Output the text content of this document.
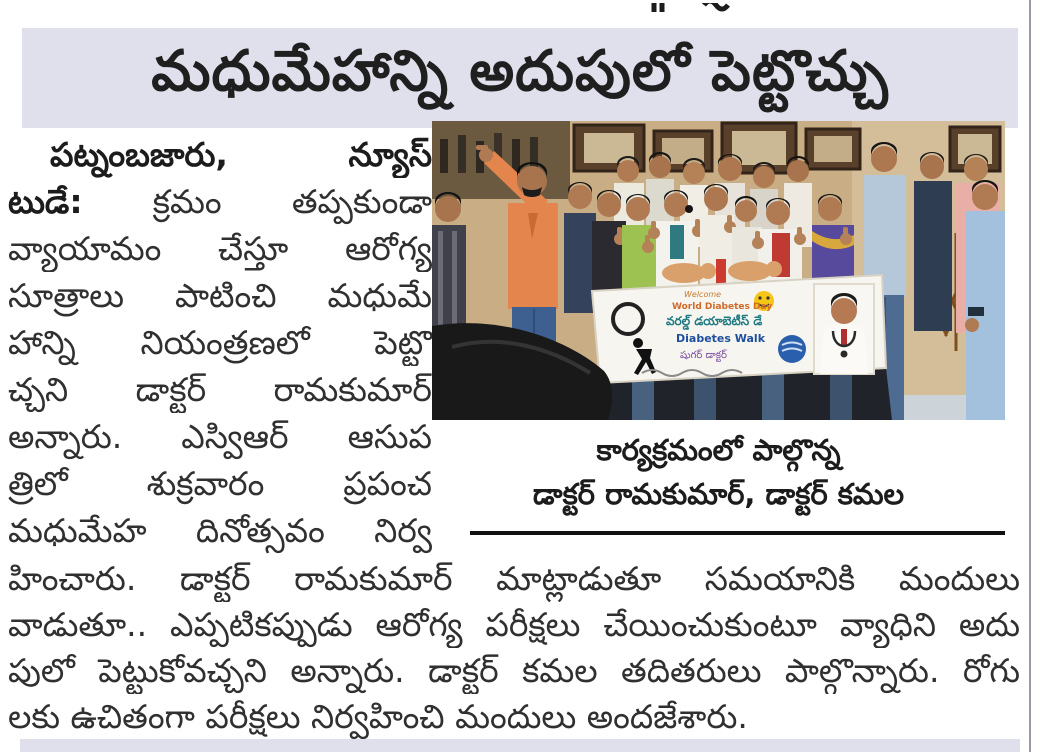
మధుమేహాన్ని అదుపులో పెట్టొచ్చు
పట్నంబజారు, న్యూస్
టుడే: క్రమం తప్పకుండా
వ్యాయామం చేస్తూ ఆరోగ్య
సూత్రాలు పాటించి మధుమే
హాన్ని నియంత్రణలో పెట్టొ
చ్చని డాక్టర్ రామకుమార్
అన్నారు. ఎస్విఆర్ ఆసుప
త్రిలో శుక్రవారం ప్రపంచ
మధుమేహ దినోత్సవం నిర్వ
Welcome
World Diabetes Day
వరల్డ్ డయాబెటీస్ డే
Diabetes Walk
షుగర్ డాక్టర్
కార్యక్రమంలో పాల్గొన్న
డాక్టర్ రామకుమార్, డాక్టర్ కమల
హించారు. డాక్టర్ రామకుమార్ మాట్లాడుతూ సమయానికి మందులు
వాడుతూ.. ఎప్పటికప్పుడు ఆరోగ్య పరీక్షలు చేయించుకుంటూ వ్యాధిని అదు
పులో పెట్టుకోవచ్చని అన్నారు. డాక్టర్ కమల తదితరులు పాల్గొన్నారు. రోగు
లకు ఉచితంగా పరీక్షలు నిర్వహించి మందులు అందజేశారు.
